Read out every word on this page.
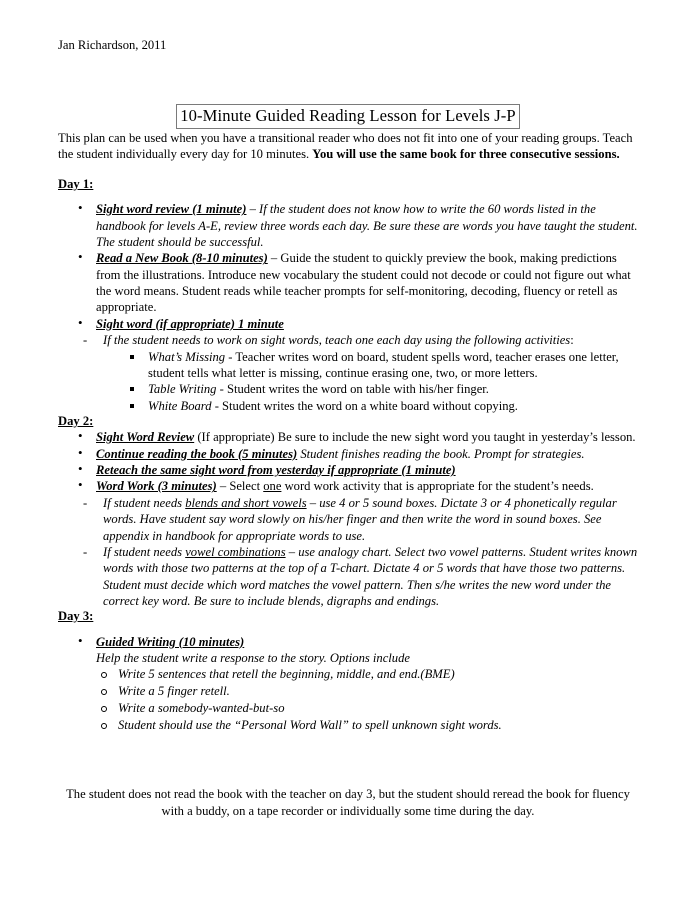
Jan Richardson, 2011
10-Minute Guided Reading Lesson for Levels J-P

This plan can be used when you have a transitional reader who does not fit into one of your reading groups. Teach the student individually every day for 10 minutes. You will use the same book for three consecutive sessions.

Day 1:

• Sight word review (1 minute) – If the student does not know how to write the 60 words listed in the handbook for levels A-E, review three words each day. Be sure these are words you have taught the student. The student should be successful.
• Read a New Book (8-10 minutes) – Guide the student to quickly preview the book, making predictions from the illustrations. Introduce new vocabulary the student could not decode or could not figure out what the word means. Student reads while teacher prompts for self-monitoring, decoding, fluency or retell as appropriate.
• Sight word (if appropriate) 1 minute
- If the student needs to work on sight words, teach one each day using the following activities:
What’s Missing - Teacher writes word on board, student spells word, teacher erases one letter, student tells what letter is missing, continue erasing one, two, or more letters.
Table Writing - Student writes the word on table with his/her finger.
White Board - Student writes the word on a white board without copying.

Day 2:

• Sight Word Review (If appropriate) Be sure to include the new sight word you taught in yesterday’s lesson.
• Continue reading the book (5 minutes) Student finishes reading the book. Prompt for strategies.
• Reteach the same sight word from yesterday if appropriate (1 minute)
• Word Work (3 minutes) – Select one word work activity that is appropriate for the student’s needs.
- If student needs blends and short vowels – use 4 or 5 sound boxes. Dictate 3 or 4 phonetically regular words. Have student say word slowly on his/her finger and then write the word in sound boxes. See appendix in handbook for appropriate words to use.
- If student needs vowel combinations – use analogy chart. Select two vowel patterns. Student writes known words with those two patterns at the top of a T-chart. Dictate 4 or 5 words that have those two patterns. Student must decide which word matches the vowel pattern. Then s/he writes the new word under the correct key word. Be sure to include blends, digraphs and endings.

Day 3:

• Guided Writing (10 minutes)
Help the student write a response to the story. Options include
Write 5 sentences that retell the beginning, middle, and end.(BME)
Write a 5 finger retell.
Write a somebody-wanted-but-so
Student should use the “Personal Word Wall” to spell unknown sight words.
The student does not read the book with the teacher on day 3, but the student should reread the book for fluency with a buddy, on a tape recorder or individually some time during the day.
